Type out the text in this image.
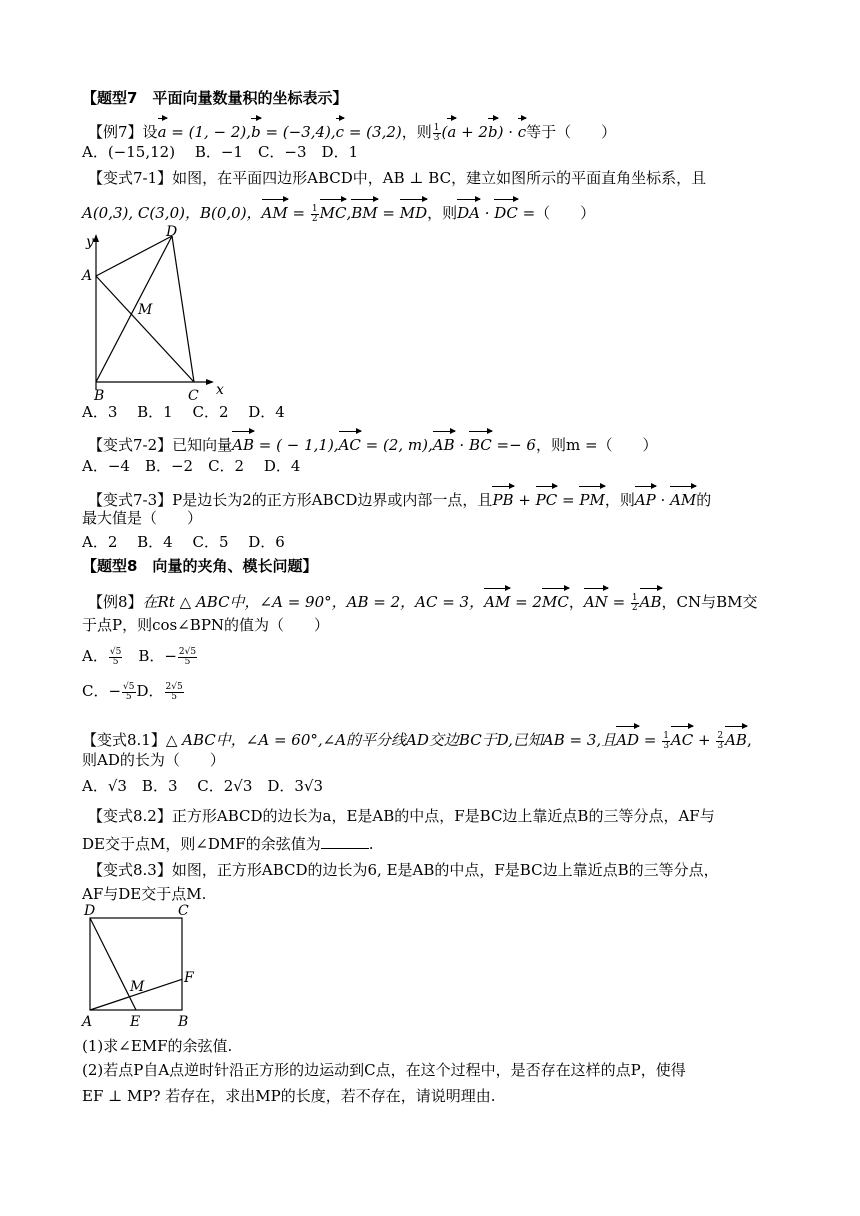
【题型7　平面向量数量积的坐标表示】
【例7】设a = (1, − 2),b = (−3,4),c = (3,2)，则 $\frac{1}{3} (a + 2b) \cdot c$等于（　　）
A．(−15,12)　 B．−1　C．−3　D．1
【变式7-1】如图，在平面四边形ABCD中，AB ⊥ BC，建立如图所示的平面直角坐标系，且
A(0,3), C(3,0)，B(0,0)，AM = $\frac{1}{2} MC,BM$ = MD，则DA · DC =（　　）
y
x
A
B	C
D
M
A．3　 B．1　 C．2　 D．4
【变式7-2】已知向量AB = ( − 1,1),AC = (2, m),AB · BC =− 6，则m =（　　）
A．−4　B．−2　C．2　 D．4
【变式7-3】P是边长为2的正方形ABCD边界或内部一点，且PB + PC = PM，则AP · AM的
最大值是（　　）
A．2　 B．4　 C．5　 D．6
【题型8　向量的夹角、模长问题】
【例8】在Rt △ ABC中，∠A = 90°，AB = 2，AC = 3，AM = 2MC，AN = $\frac{1}{2}$ AB，CN与BM交
于点P，则cos∠BPN的值为（　　）
A． $\frac{√5}{5}$ 　B．− $\frac{2√5}{5}$
C．− $\frac{√5}{5}$ D． $\frac{2√5}{5}$
【变式8.1】△ ABC中，∠A = 60°,∠A的平分线AD交边BC于D,已知AB = 3,且AD = $\frac{1}{3}$ AC + $\frac{2}{3}$ AB,
则AD的长为（　　）
A．√3　B．3　 C．2√3　D．3√3
【变式8.2】正方形ABCD的边长为a，E是AB的中点，F是BC边上靠近点B的三等分点，AF与
DE交于点M，则∠DMF的余弦值为	.
【变式8.3】如图，正方形ABCD的边长为6, E是AB的中点，F是BC边上靠近点B的三等分点，
AF与DE交于点M.
D	C
A	B
E
F
M
(1)求∠EMF的余弦值.
(2)若点P自A点逆时针沿正方形的边运动到C点，在这个过程中，是否存在这样的点P，使得
EF ⊥ MP? 若存在，求出MP的长度，若不存在，请说明理由.
